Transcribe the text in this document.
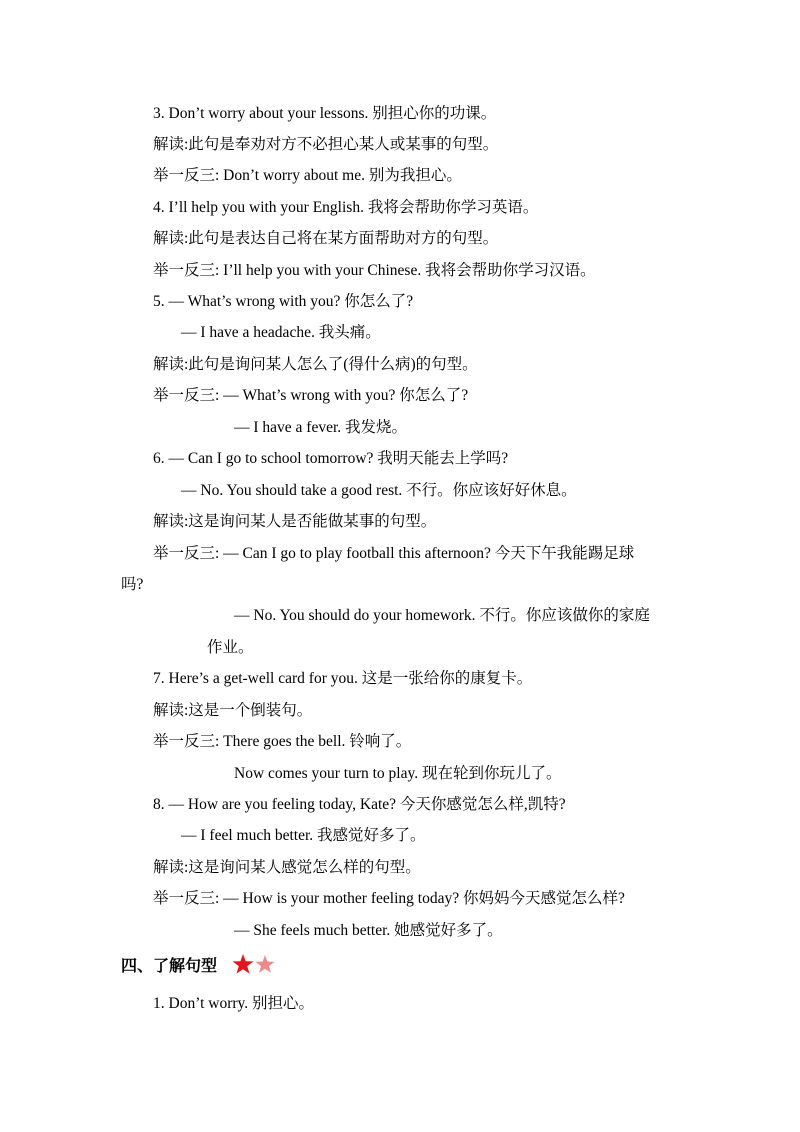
3. Don’t worry about your lessons. 别担心你的功课。
解读:此句是奉劝对方不必担心某人或某事的句型。
举一反三: Don’t worry about me. 别为我担心。
4. I’ll help you with your English. 我将会帮助你学习英语。
解读:此句是表达自己将在某方面帮助对方的句型。
举一反三: I’ll help you with your Chinese. 我将会帮助你学习汉语。
5. — What’s wrong with you? 你怎么了?
— I have a headache. 我头痛。
解读:此句是询问某人怎么了(得什么病)的句型。
举一反三: — What’s wrong with you? 你怎么了?
— I have a fever. 我发烧。
6. — Can I go to school tomorrow? 我明天能去上学吗?
— No. You should take a good rest. 不行。你应该好好休息。
解读:这是询问某人是否能做某事的句型。
举一反三: — Can I go to play football this afternoon? 今天下午我能踢足球
吗?
— No. You should do your homework. 不行。你应该做你的家庭
作业。
7. Here’s a get-well card for you. 这是一张给你的康复卡。
解读:这是一个倒装句。
举一反三: There goes the bell. 铃响了。
Now comes your turn to play. 现在轮到你玩儿了。
8. — How are you feeling today, Kate? 今天你感觉怎么样,凯特?
— I feel much better. 我感觉好多了。
解读:这是询问某人感觉怎么样的句型。
举一反三: — How is your mother feeling today? 你妈妈今天感觉怎么样?
— She feels much better. 她感觉好多了。
四、了解句型
1. Don’t worry. 别担心。
